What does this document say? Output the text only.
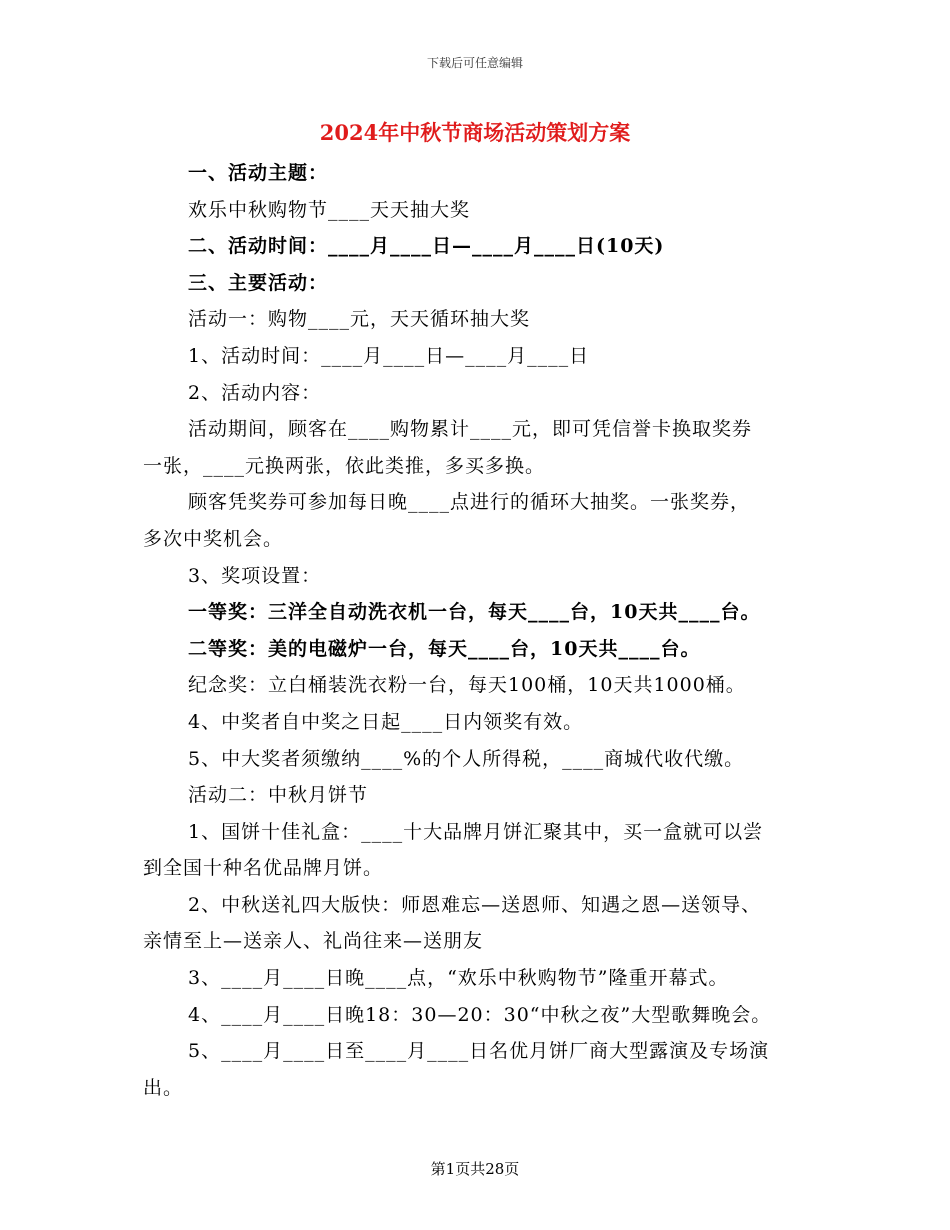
下载后可任意编辑
2024年中秋节商场活动策划方案
一、活动主题：
欢乐中秋购物节____天天抽大奖
二、活动时间：____月____日—____月____日(10天)
三、主要活动：
活动一：购物____元，天天循环抽大奖
1、活动时间：____月____日—____月____日
2、活动内容：
活动期间，顾客在____购物累计____元，即可凭信誉卡换取奖券
一张，____元换两张，依此类推，多买多换。
顾客凭奖券可参加每日晚____点进行的循环大抽奖。一张奖券，
多次中奖机会。
3、奖项设置：
一等奖：三洋全自动洗衣机一台，每天____台，10天共____台。
二等奖：美的电磁炉一台，每天____台，10天共____台。
纪念奖：立白桶装洗衣粉一台，每天100桶，10天共1000桶。
4、中奖者自中奖之日起____日内领奖有效。
5、中大奖者须缴纳____%的个人所得税，____商城代收代缴。
活动二：中秋月饼节
1、国饼十佳礼盒：____十大品牌月饼汇聚其中，买一盒就可以尝
到全国十种名优品牌月饼。
2、中秋送礼四大版快：师恩难忘—送恩师、知遇之恩—送领导、
亲情至上—送亲人、礼尚往来—送朋友
3、____月____日晚____点，“欢乐中秋购物节”隆重开幕式。
4、____月____日晚18：30—20：30“中秋之夜”大型歌舞晚会。
5、____月____日至____月____日名优月饼厂商大型露演及专场演
出。
第1页共28页
